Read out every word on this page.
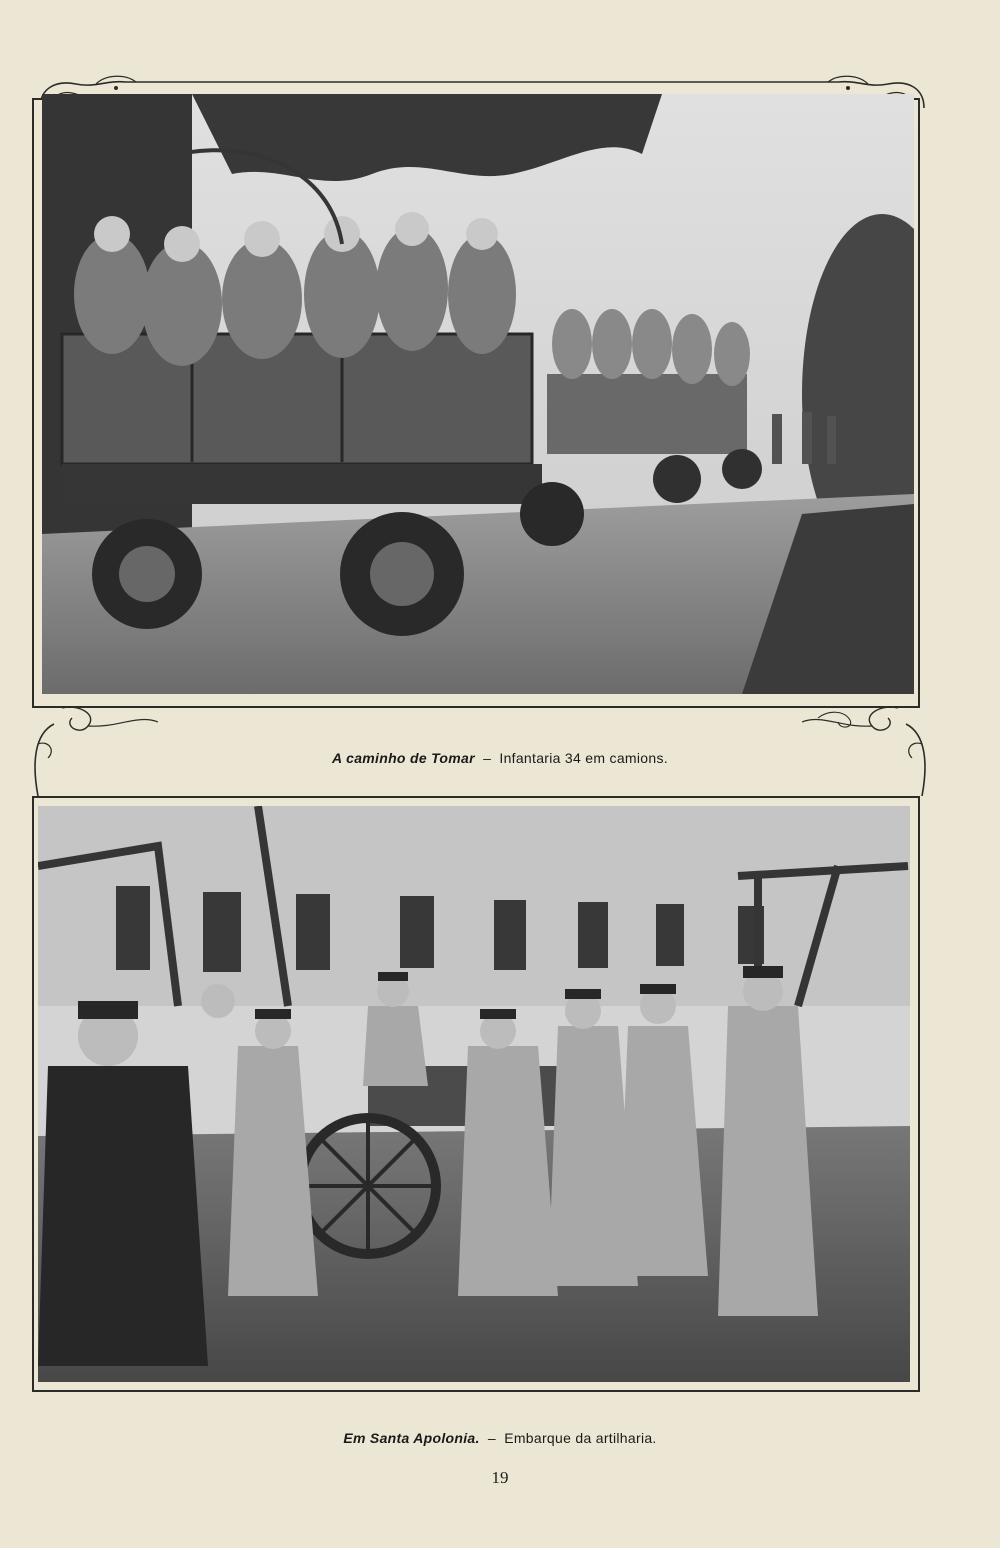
A caminho de Tomar – Infantaria 34 em camions.
Em Santa Apolonia. – Embarque da artilharia.
19
